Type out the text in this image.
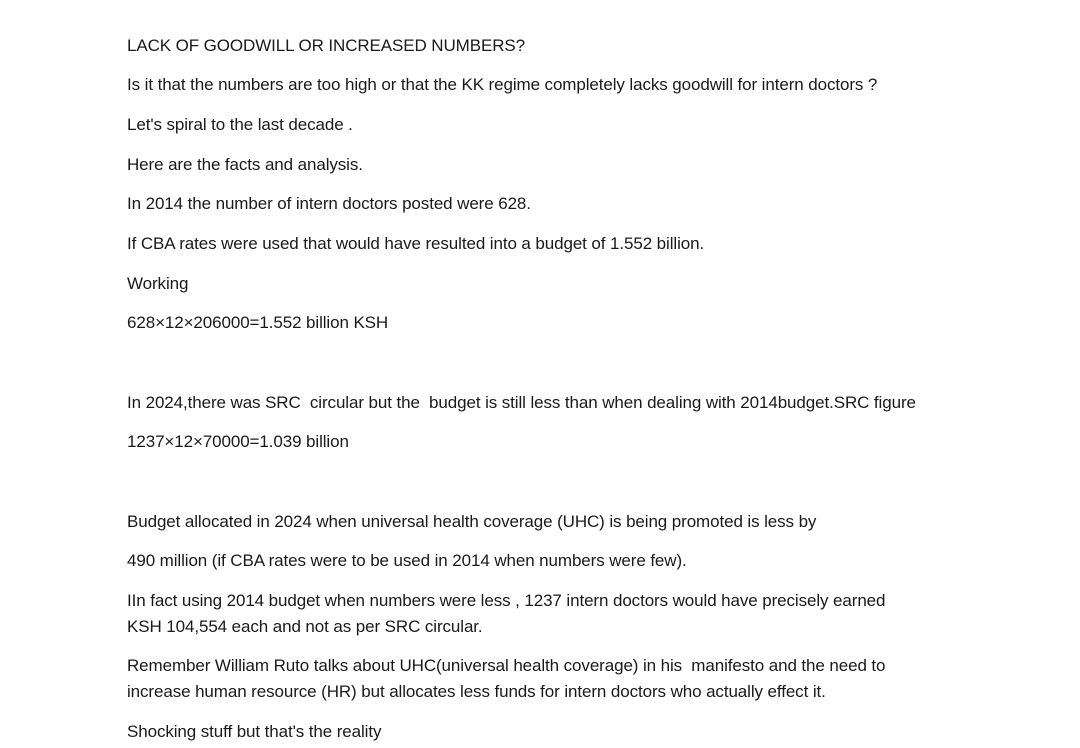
LACK OF GOODWILL OR INCREASED NUMBERS?

Is it that the numbers are too high or that the KK regime completely lacks goodwill for intern doctors ?

Let's spiral to the last decade .

Here are the facts and analysis.

In 2014 the number of intern doctors posted were 628.

If CBA rates were used that would have resulted into a budget of 1.552 billion.

Working

628×12×206000=1.552 billion KSH

In 2024,there was SRC  circular but the  budget is still less than when dealing with 2014budget.SRC figure

1237×12×70000=1.039 billion

Budget allocated in 2024 when universal health coverage (UHC) is being promoted is less by

490 million (if CBA rates were to be used in 2014 when numbers were few).

IIn fact using 2014 budget when numbers were less , 1237 intern doctors would have precisely earned
KSH 104,554 each and not as per SRC circular.

Remember William Ruto talks about UHC(universal health coverage) in his  manifesto and the need to
increase human resource (HR) but allocates less funds for intern doctors who actually effect it.

Shocking stuff but that's the reality
